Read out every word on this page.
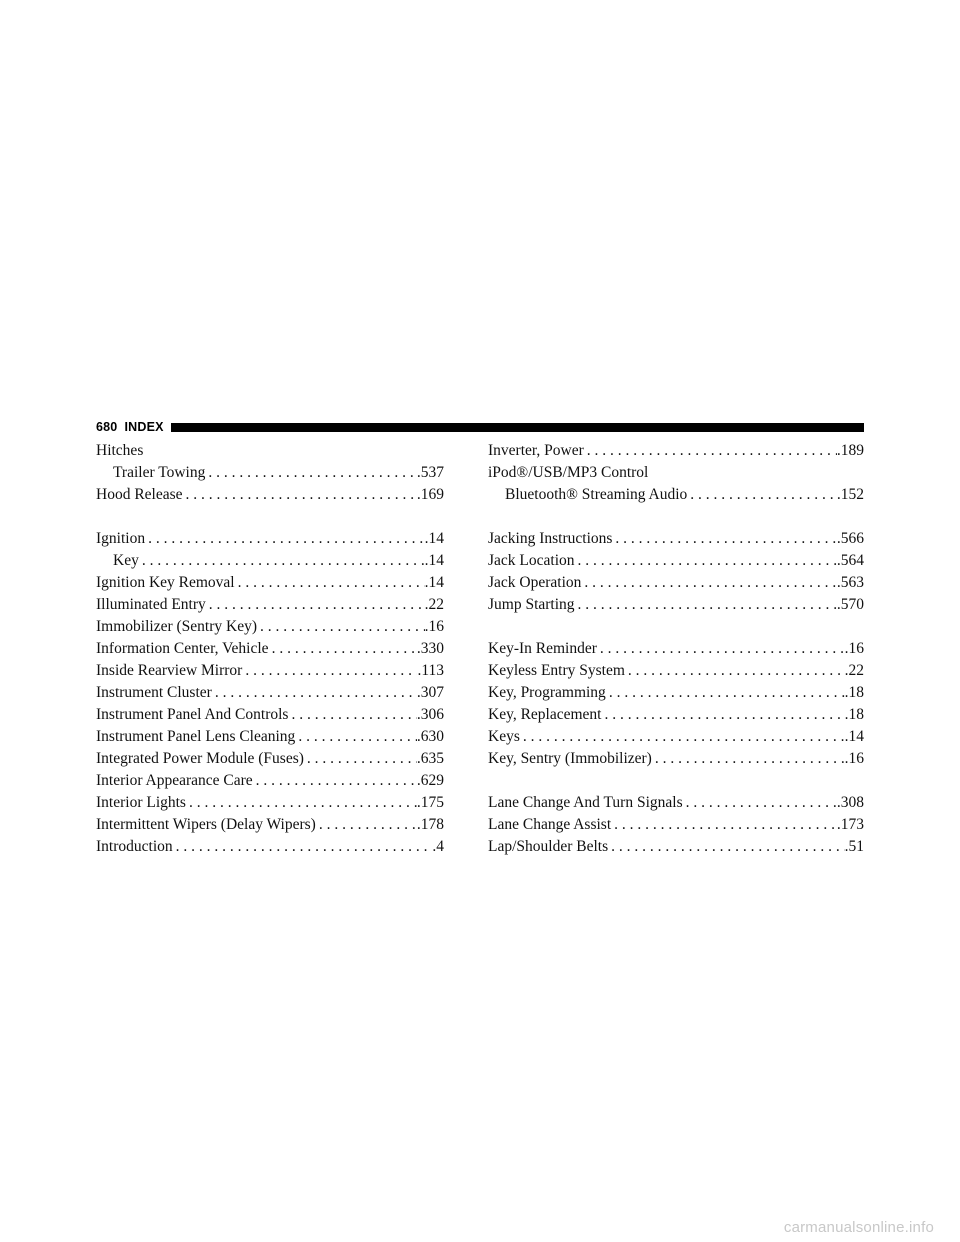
680 INDEX
Hitches
Trailer Towing . . .	.537
Hood Release . . .	.169
Ignition . . .	.14
Key . . .	.14
Ignition Key Removal . . .	.14
Illuminated Entry . . .	.22
Immobilizer (Sentry Key) . . .	.16
Information Center, Vehicle . . .	.330
Inside Rearview Mirror . . .	.113
Instrument Cluster . . .	.307
Instrument Panel And Controls . . .	.306
Instrument Panel Lens Cleaning . . .	.630
Integrated Power Module (Fuses) . . .	.635
Interior Appearance Care . . .	.629
Interior Lights . . .	.175
Intermittent Wipers (Delay Wipers) . . .	.178
Introduction . . .	.4
Inverter, Power . . .	.189
iPod®/USB/MP3 Control
Bluetooth® Streaming Audio . . .	.152
Jacking Instructions . . .	.566
Jack Location . . .	.564
Jack Operation . . .	.563
Jump Starting . . .	.570
Key-In Reminder . . .	.16
Keyless Entry System . . .	.22
Key, Programming . . .	.18
Key, Replacement . . .	.18
Keys . . .	.14
Key, Sentry (Immobilizer) . . .	.16
Lane Change And Turn Signals . . .	.308
Lane Change Assist . . .	.173
Lap/Shoulder Belts . . .	.51
carmanualsonline.info
